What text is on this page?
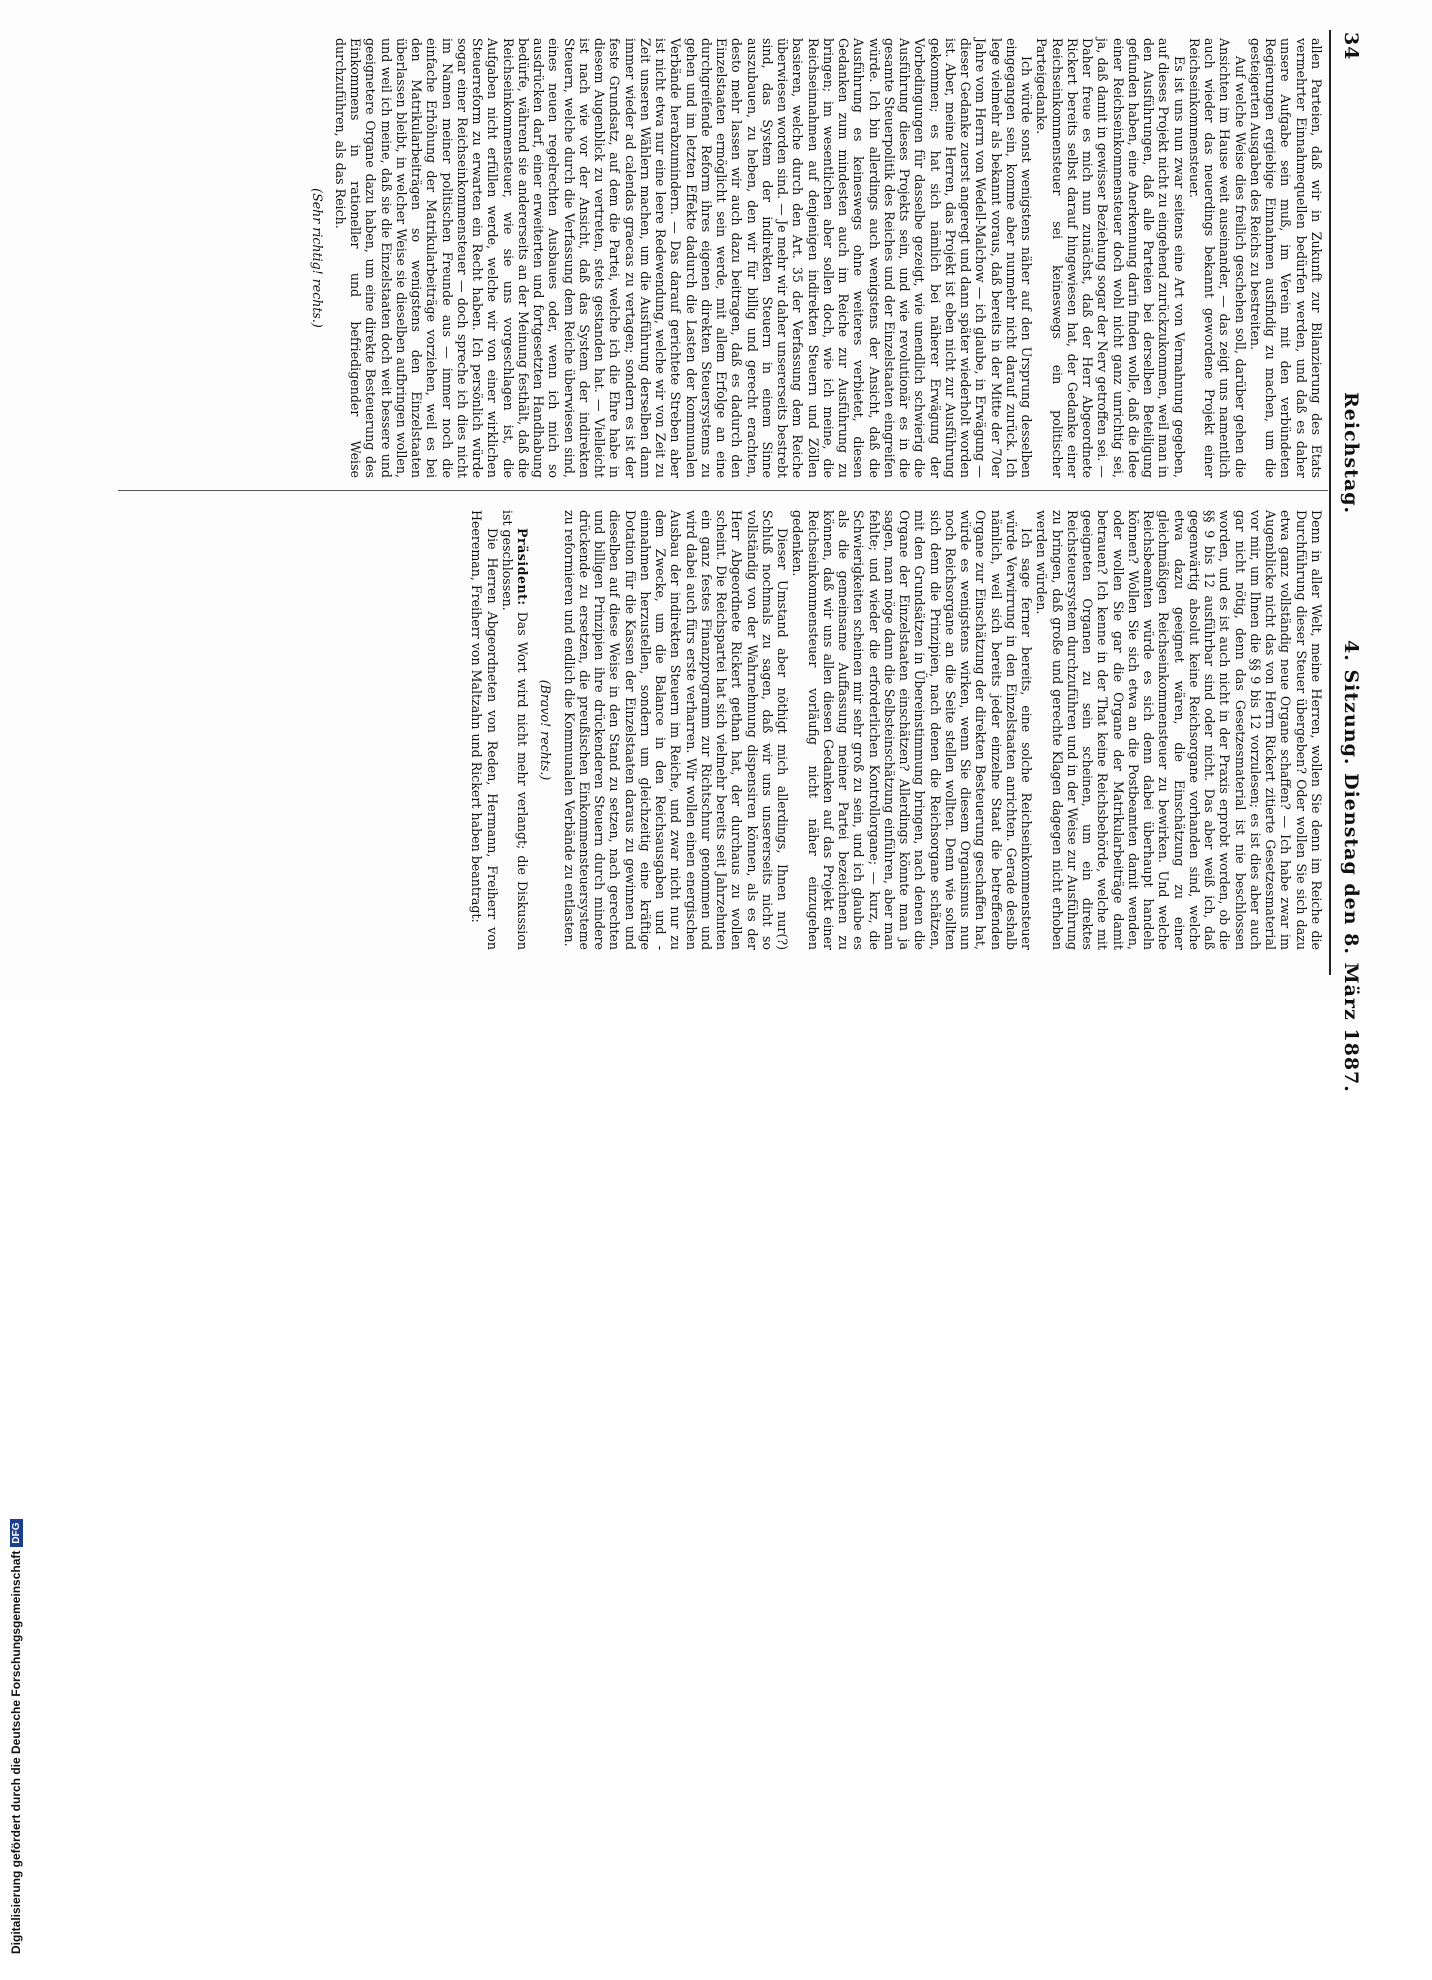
34
Reichstag.
4. Sitzung. Dienstag den 8. März 1887.

allen Parteien, daß wir in Zukunft zur Bilanzierung des Etats vermehrter Einnahmequellen bedürfen werden, und daß es daher unsere Aufgabe sein muß, im Verein mit den verbündeten Regierungen ergiebige Einnahmen ausfindig zu machen, um die gesteigerten Ausgaben des Reichs zu bestreiten.

Auf welche Weise dies freilich geschehen soll, darüber gehen die Ansichten im Hause weit auseinander, — das zeigt uns namentlich auch wieder das neuerdings bekannt gewordene Projekt einer Reichseinkommensteuer.

Es ist uns nun zwar seitens eine Art von Vermahnung gegeben, auf dieses Projekt nicht zu eingehend zurückzukommen, weil man in den Ausführungen, daß alle Parteien bei derselben Beteiligung gefunden haben, eine Anerkennung darin finden wolle, daß die Idee einer Reichseinkommensteuer doch wohl nicht ganz unrichtig sei, ja, daß damit in gewisser Beziehung sogar der Nerv getroffen sei. — Daher freue es mich nun zunächst, daß der Herr Abgeordnete Rickert bereits selbst darauf hingewiesen hat, der Gedanke einer Reichseinkommensteuer sei keineswegs ein politischer Parteigedanke.

Ich würde sonst wenigstens näher auf den Ursprung desselben eingegangen sein, komme aber nunmehr nicht darauf zurück. Ich lege vielmehr als bekannt voraus, daß bereits in der Mitte der 70er Jahre vom Herrn von Wedell-Malchow — ich glaube, in Erwägung — dieser Gedanke zuerst angeregt und dann später wiederholt worden ist. Aber, meine Herren, das Projekt ist eben nicht zur Ausführung gekommen; es hat sich nämlich bei näherer Erwägung der Vorbedingungen für dasselbe gezeigt, wie unendlich schwierig die Ausführung dieses Projekts sein, und wie revolutionär es in die gesamte Steuerpolitik des Reiches und der Einzelstaaten eingreifen würde. Ich bin allerdings auch wenigstens der Ansicht, daß die Ausführung es keineswegs ohne weiteres verbietet, diesen Gedanken zum mindesten auch im Reiche zur Ausführung zu bringen; im wesentlichen aber sollen doch, wie ich meine, die Reichseinnahmen auf denjenigen indirekten Steuern und Zöllen basieren, welche durch den Art. 35 der Verfassung dem Reiche überwiesen worden sind. — Je mehr wir daher unsererseits bestrebt sind, das System der indirekten Steuern in einem Sinne auszubauen, zu heben, den wir für billig und gerecht erachten, desto mehr lassen wir auch dazu beitragen, daß es dadurch den Einzelstaaten ermöglicht sein werde, mit allem Erfolge an eine durchgreifende Reform ihres eigenen direkten Steuersystems zu gehen und im letzten Effekte dadurch die Lasten der kommunalen Verbände herabzumindern. — Das darauf gerichtete Streben aber ist nicht etwa nur eine leere Redewendung, welche wir von Zeit zu Zeit unseren Wählern machen, um die Ausführung derselben dann immer wieder ad calendas graecas zu vertagen; sondern es ist der feste Grundsatz, auf dem die Partei, welche ich die Ehre habe in diesem Augenblick zu vertreten, stets gestanden hat. — Vielleicht ist nach wie vor der Ansicht, daß das System der indirekten Steuern, welche durch die Verfassung dem Reiche überwiesen sind, eines neuen regelrechten Ausbaues oder, wenn ich mich so ausdrücken darf, einer erweiterten und fortgesetzten Handhabung bedürfe, während sie andererseits an der Meinung festhält, daß die Reichseinkommensteuer, wie sie uns vorgeschlagen ist, die Aufgaben nicht erfüllen werde, welche wir von einer wirklichen Steuerreform zu erwarten ein Recht haben. Ich persönlich würde sogar einer Reichseinkommensteuer — doch spreche ich dies nicht im Namen meiner politischen Freunde aus — immer noch die einfache Erhöhung der Matrikularbeiträge vorziehen, weil es bei den Matrikularbeiträgen so wenigstens den Einzelstaaten überlassen bleibt, in welcher Weise sie dieselben aufbringen wollen, und weil ich meine, daß sie die Einzelstaaten doch weit bessere und geeignetere Organe dazu haben, um eine direkte Besteuerung des Einkommens in rationeller und befriedigender Weise durchzuführen, als das Reich.

(Sehr richtig! rechts.)

Denn in aller Welt, meine Herren, wollen Sie denn im Reiche die Durchführung dieser Steuer übergeben? Oder wollen Sie sich dazu etwa ganz vollständig neue Organe schaffen? — Ich habe zwar im Augenblicke nicht das von Herrn Rickert zitierte Gesetzesmaterial vor mir, um Ihnen die §§ 9 bis 12 vorzulesen; es ist dies aber auch gar nicht nötig, denn das Gesetzesmaterial ist nie beschlossen worden, und es ist auch nicht in der Praxis erprobt worden, ob die §§ 9 bis 12 ausführbar sind oder nicht. Das aber weiß ich, daß gegenwärtig absolut keine Reichsorgane vorhanden sind, welche etwa dazu geeignet wären, die Einschätzung zu einer gleichmäßigen Reichseinkommensteuer zu bewirken. Und welche Reichsbeamten würde es sich denn dabei überhaupt handeln können? Wollen Sie sich etwa an die Postbeamten damit wenden, oder wollen Sie gar die Organe der Matrikularbeiträge damit betrauen? Ich kenne in der That keine Reichsbehörde, welche mit geeigneten Organen zu sein scheinen, um ein direktes Reichsteuersystem durchzuführen und in der Weise zur Ausführung zu bringen, daß große und gerechte Klagen dagegen nicht erhoben werden würden.

Ich sage ferner bereits, eine solche Reichseinkommensteuer würde Verwirrung in den Einzelstaaten anrichten. Gerade deshalb nämlich, weil sich bereits jeder einzelne Staat die betreffenden Organe zur Einschätzung der direkten Besteuerung geschaffen hat, würde es wenigstens wirken, wenn Sie diesem Organismus nun noch Reichsorgane an die Seite stellen wollten. Denn wie sollten sich denn die Prinzipien, nach denen die Reichsorgane schätzen, mit den Grundsätzen in Übereinstimmung bringen, nach denen die Organe der Einzelstaaten einschätzen? Allerdings könnte man ja sagen, man möge dann die Selbsteinschätzung einführen, aber man fehlte; und wieder die erforderlichen Kontrollorgane; — kurz, die Schwierigkeiten scheinen mir sehr groß zu sein, und ich glaube es als die gemeinsame Auffassung meiner Partei bezeichnen zu können, daß wir uns allen diesen Gedanken auf das Projekt einer Reichseinkommensteuer vorläufig nicht näher einzugehen gedenken.

Dieser Umstand aber nöthigt mich allerdings, Ihnen nur(?) Schluß nochmals zu sagen, daß wir uns unsererseits nicht so vollständig von der Wahrnehmung dispensiren können, als es der Herr Abgeordnete Rickert gethan hat, der durchaus zu wollen scheint. Die Reichspartei hat sich vielmehr bereits seit Jahrzehnten ein ganz festes Finanzprogramm zur Richtschnur genommen und wird dabei auch fürs erste verharren. Wir wollen einen energischen Ausbau der indirekten Steuern im Reiche, und zwar nicht nur zu dem Zwecke, um die Balance in den Reichsausgaben und -einnahmen herzustellen, sondern um gleichzeitig eine kräftige Dotation für die Kassen der Einzelstaaten daraus zu gewinnen und dieselben auf diese Weise in den Stand zu setzen, nach gerechten und billigen Prinzipien ihre drückenderen Steuern durch mindere drückende zu ersetzen, die preußischen Einkommensteuersysteme zu reformieren und endlich die Kommunalen Verbände zu entlasten.

(Bravo! rechts.)

Präsident: Das Wort wird nicht mehr verlangt; die Diskussion ist geschlossen.

Die Herren Abgeordneten von Reden, Hermann, Freiherr von Heereman, Freiherr von Maltzahn und Rickert haben beantragt:

Digitalisierung gefördert durch die Deutsche ForschungsgemeinschaftDFG
